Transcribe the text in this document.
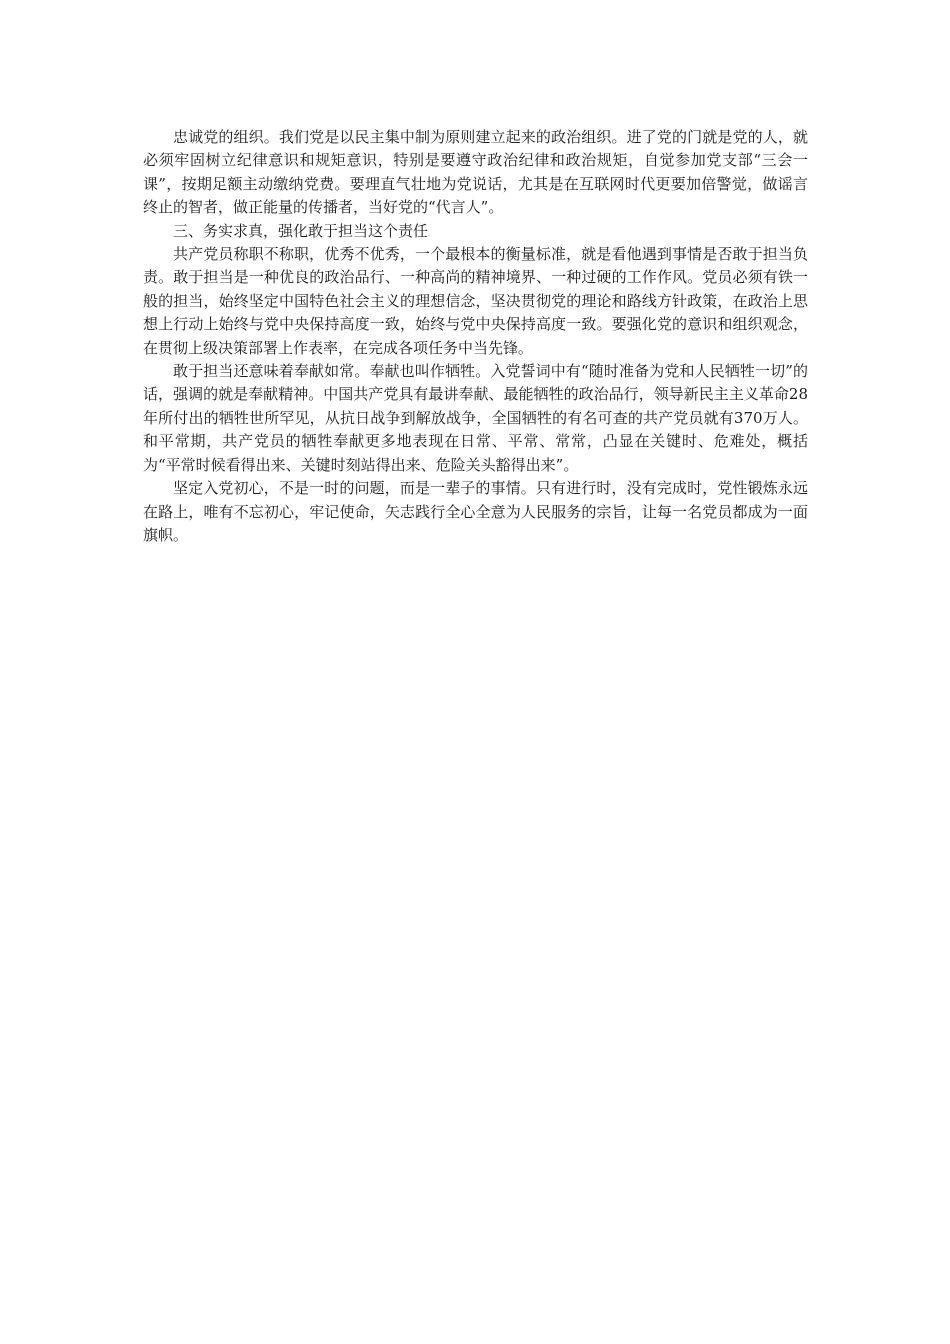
忠诚党的组织。我们党是以民主集中制为原则建立起来的政治组织。进了党的门就是党的人，就必须牢固树立纪律意识和规矩意识，特别是要遵守政治纪律和政治规矩，自觉参加党支部“三会一课”，按期足额主动缴纳党费。要理直气壮地为党说话，尤其是在互联网时代更要加倍警觉，做谣言终止的智者，做正能量的传播者，当好党的“代言人”。

三、务实求真，强化敢于担当这个责任

共产党员称职不称职，优秀不优秀，一个最根本的衡量标准，就是看他遇到事情是否敢于担当负责。敢于担当是一种优良的政治品行、一种高尚的精神境界、一种过硬的工作作风。党员必须有铁一般的担当，始终坚定中国特色社会主义的理想信念，坚决贯彻党的理论和路线方针政策，在政治上思想上行动上始终与党中央保持高度一致，始终与党中央保持高度一致。要强化党的意识和组织观念，在贯彻上级决策部署上作表率，在完成各项任务中当先锋。

敢于担当还意味着奉献如常。奉献也叫作牺牲。入党誓词中有“随时准备为党和人民牺牲一切”的话，强调的就是奉献精神。中国共产党具有最讲奉献、最能牺牲的政治品行，领导新民主主义革命28年所付出的牺牲世所罕见，从抗日战争到解放战争，全国牺牲的有名可查的共产党员就有370万人。和平常期，共产党员的牺牲奉献更多地表现在日常、平常、常常，凸显在关键时、危难处，概括为“平常时候看得出来、关键时刻站得出来、危险关头豁得出来”。

坚定入党初心，不是一时的问题，而是一辈子的事情。只有进行时，没有完成时，党性锻炼永远在路上，唯有不忘初心，牢记使命，矢志践行全心全意为人民服务的宗旨，让每一名党员都成为一面旗帜。
